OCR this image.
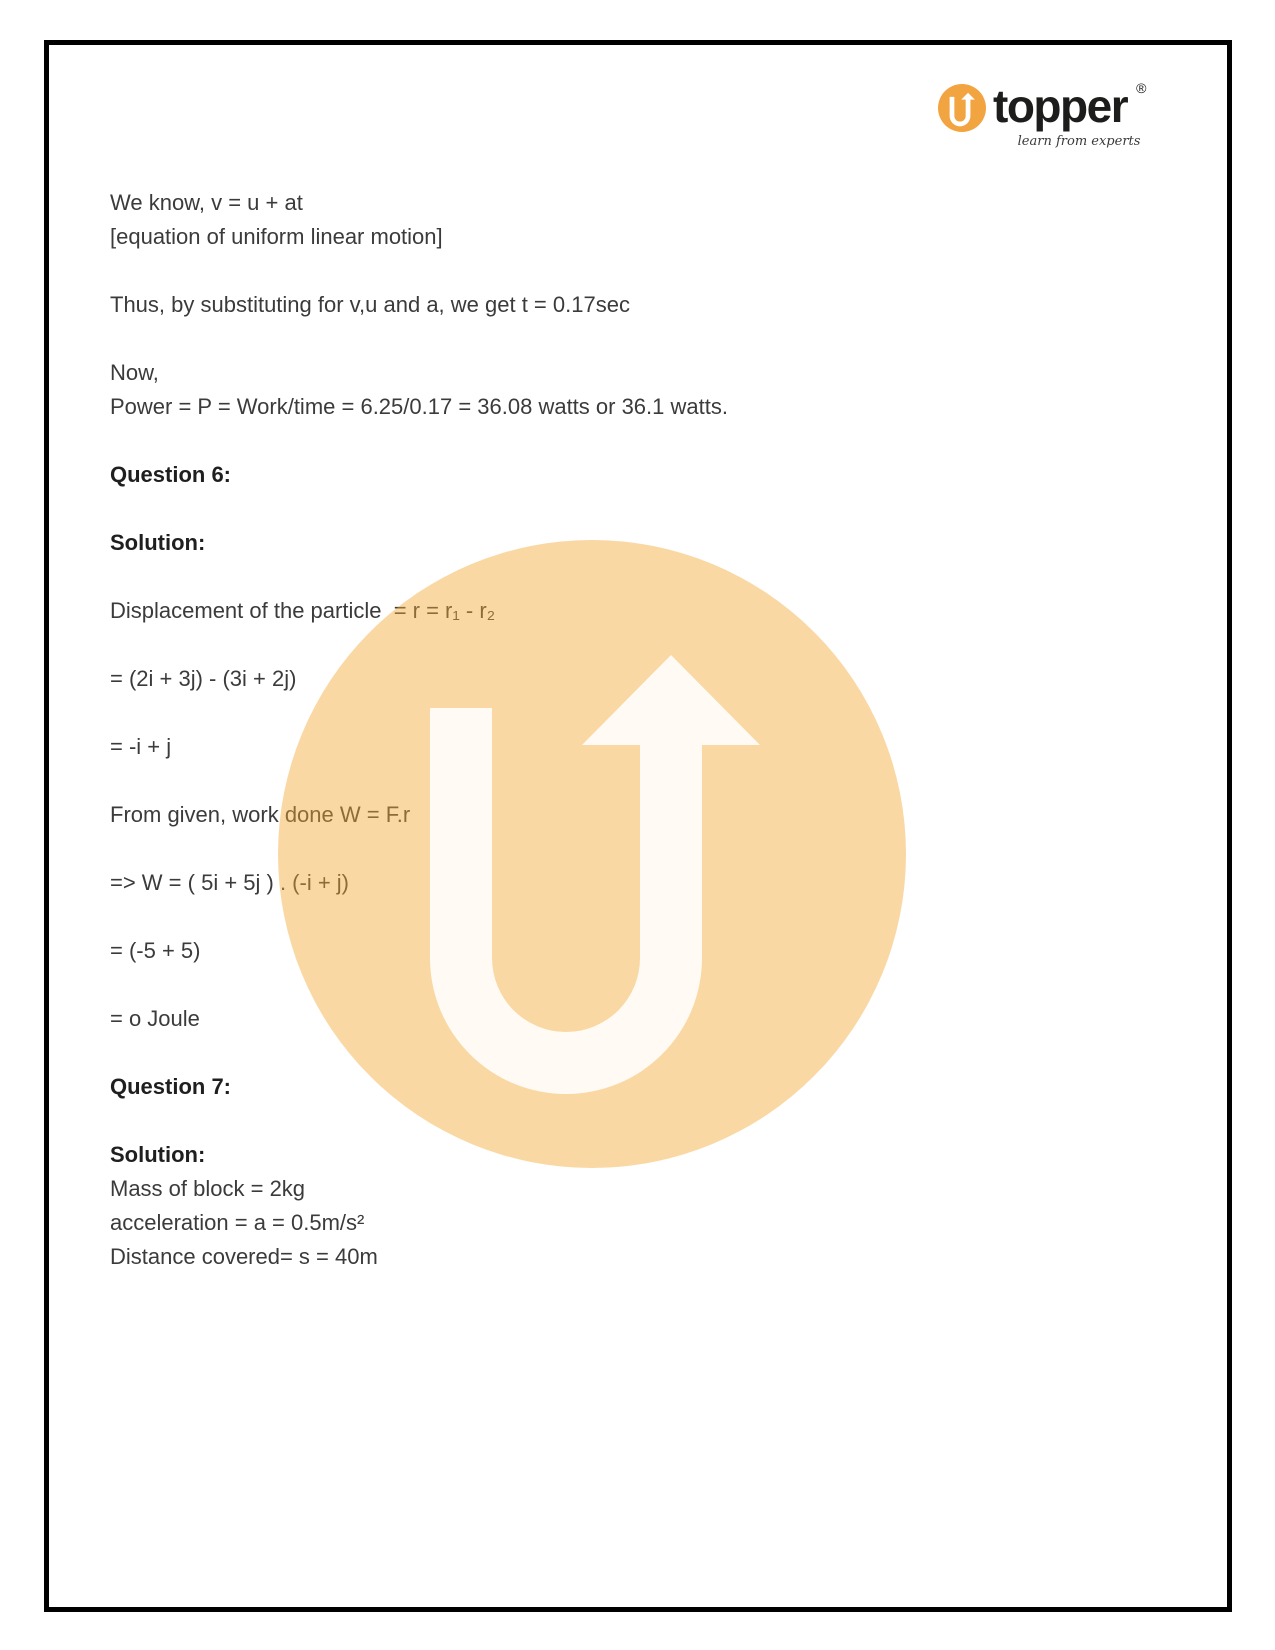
topper ®
learn from experts
We know, v = u + at
[equation of uniform linear motion]
Thus, by substituting for v,u and a, we get t = 0.17sec
Now,
Power = P = Work/time = 6.25/0.17 = 36.08 watts or 36.1 watts.
Question 6:
Solution:
Displacement of the particle  = r = r₁ - r₂
= (2i + 3j) - (3i + 2j)
= -i + j
From given, work done W = F.r
=> W = ( 5i + 5j ) . (-i + j)
= (-5 + 5)
= o Joule
Question 7:
Solution:
Mass of block = 2kg
acceleration = a = 0.5m/s²
Distance covered= s = 40m
